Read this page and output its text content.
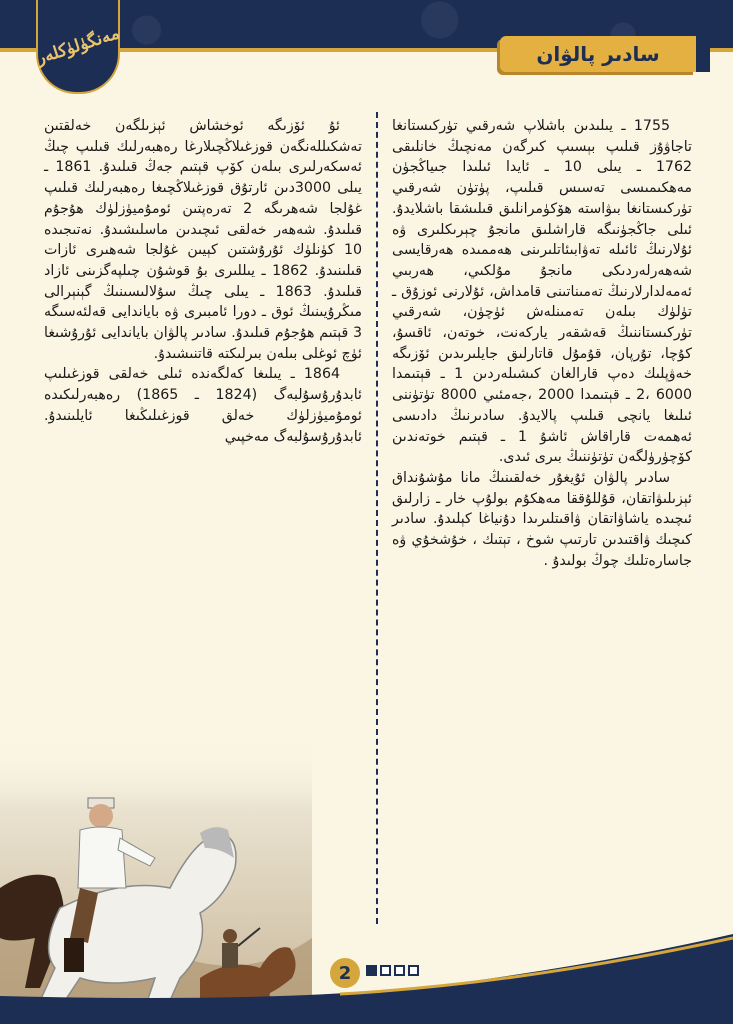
مەنگۈلۈكلەر	سادىر پالۋان

1755 ـ يىلىدىن باشلاپ شەرقىي تۈركىستانغا تاجاۋۇز قىلىپ بېسىپ كىرگەن مەنچىڭ خانلىقى 1762 ـ يىلى 10 ـ ئايدا ئىلىدا جىياڭجۈن مەھكىمىسى تەسىس قىلىپ، پۈتۈن شەرقىي تۈركىستانغا بىۋاستە ھۆكۈمرانلىق قىلىشقا باشلايدۇ. ئىلى جاڭجۈنىگە قاراشلىق مانجۇ چېرىكلىرى ۋە ئۇلارنىڭ ئائىلە تەۋابىئاتلىرىنى ھەممىدە ھەرقايسى شەھەرلەردىكى مانجۇ مۇلكىي، ھەربىي ئەمەلدارلارنىڭ تەمىناتىنى قامداش، ئۇلارنى ئوزۇق ـ تۈلۈك بىلەن تەمىنلەش ئۈچۈن، شەرقىي تۈركىستاننىڭ قەشقەر ياركەنت، خوتەن، ئاقسۇ، كۇچا، تۇرپان، قۇمۇل قاتارلىق جايلىرىدىن ئۆزىگە خەۋپلىك دەپ قارالغان كىشىلەردىن 1 ـ قېتىمدا 6000 ،2 ـ قېتىمدا 2000 ،جەمئىي 8000 تۈتۈننى ئىلىغا يانچى قىلىپ پالايدۇ. سادىرنىڭ دادىسى ئەھمەت قاراقاش ئاشۇ 1 ـ قېتىم خوتەندىن كۆچۈرۈلگەن تۈتۈننىڭ بىرى ئىدى.

سادىر پالۋان ئۇيغۇر خەلقىنىڭ مانا مۇشۇنداق ئېزىلىۋاتقان، قۇللۇققا مەھكۇم بولۇپ خار ـ زارلىق ئىچىدە ياشاۋاتقان ۋاقىتلىرىدا دۇنياغا كېلىدۇ. سادىر كىچىك ۋاقتىدىن تارتىپ شوخ ، تېتىك ، خۇشخۇي ۋە جاسارەتلىك چوڭ بولىدۇ .

ئۇ ئۆزىگە ئوخشاش ئېزىلگەن خەلقتىن تەشكىللەنگەن قوزغىلاڭچىلارغا رەھبەرلىك قىلىپ چىڭ ئەسكەرلىرى بىلەن كۆپ قېتىم جەڭ قىلىدۇ. 1861 ـ يىلى 3000دىن ئارتۇق قوزغىلاڭچىغا رەھبەرلىك قىلىپ غۇلجا شەھرىگە 2 تەرەپتىن ئومۇميۈزلۈك ھۇجۇم قىلىدۇ. شەھەر خەلقى ئىچىدىن ماسلىشىدۇ. نەتىجىدە 10 كۈنلۈك ئۇرۇشتىن كېيىن غۇلجا شەھىرى ئازات قىلىنىدۇ. 1862 ـ يىللىرى بۇ قوشۇن چىلپەگزىنى ئازاد قىلىدۇ. 1863 ـ يىلى چىڭ سۇلالىسىنىڭ گېنېرالى مىڭرۇيىنىڭ ئوق ـ دورا ئامبىرى ۋە باياندايى قەلئەسىگە 3 قېتىم ھۇجۇم قىلىدۇ. سادىر پالۋان باياندايى ئۇرۇشىغا ئۈچ ئوغلى بىلەن بىرلىكتە قاتنىشىدۇ.

1864 ـ يىلىغا كەلگەندە ئىلى خەلقى قوزغىلىپ ئابدۇرۇسۇلبەگ (1824 ـ 1865) رەھبەرلىكىدە ئومۇميۈزلۈك خەلق قوزغىلىڭىغا ئايلىنىدۇ. ئابدۇرۇسۇلبەگ مەخپىي

2
